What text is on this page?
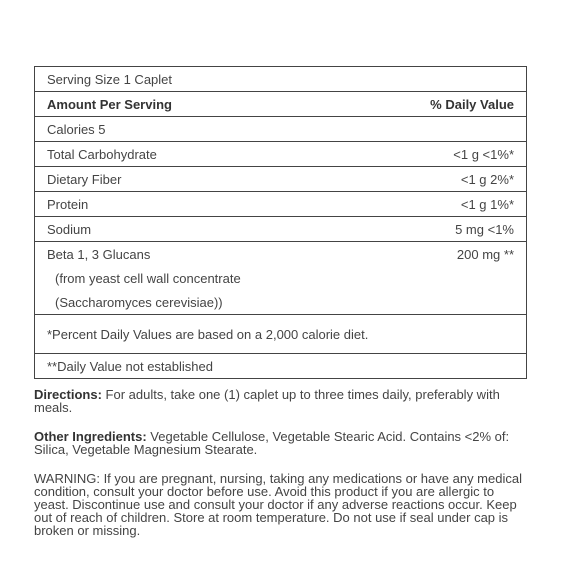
Serving Size 1 Caplet	
Amount Per Serving	% Daily Value
Calories 5	
Total Carbohydrate	<1 g <1%*
Dietary Fiber	<1 g 2%*
Protein	<1 g 1%*
Sodium	5 mg <1%
Beta 1, 3 Glucans	200 mg **
(from yeast cell wall concentrate	
(Saccharomyces cerevisiae))	

*Percent Daily Values are based on a 2,000 calorie diet.	

**Daily Value not established	
Directions: For adults, take one (1) caplet up to three times daily, preferably with meals.
Other Ingredients: Vegetable Cellulose, Vegetable Stearic Acid. Contains <2% of: Silica, Vegetable Magnesium Stearate.
WARNING: If you are pregnant, nursing, taking any medications or have any medical condition, consult your doctor before use. Avoid this product if you are allergic to yeast. Discontinue use and consult your doctor if any adverse reactions occur. Keep out of reach of children. Store at room temperature. Do not use if seal under cap is broken or missing.
